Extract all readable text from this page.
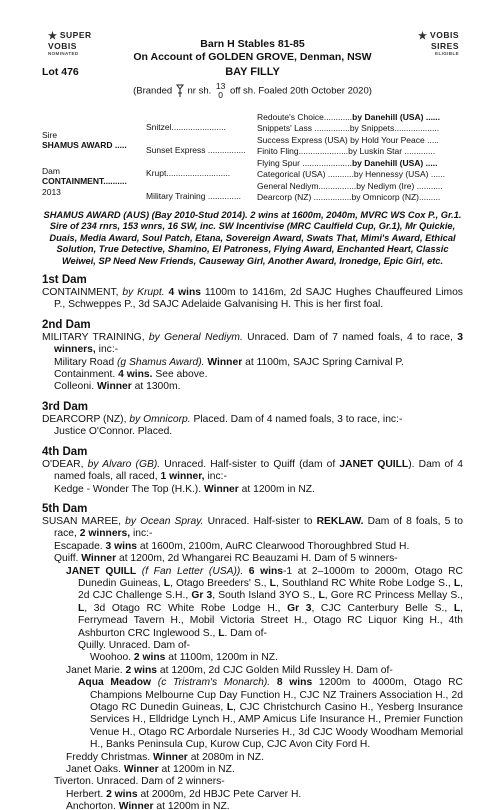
SUPER
VOBIS
NOMINATED
VOBIS
SIRES
ELIGIBLE
Barn H Stables 81-85
On Account of GOLDEN GROVE, Denman, NSW
Lot 476	BAY FILLY
(Branded nr sh. 13
0 off sh. Foaled 20th October 2020)
Sire
SHAMUS AWARD .....
Dam
CONTAINMENT..........
2013
Snitzel.......................
Sunset Express ................
Krupt...........................
Military Training ..............
Redoute's Choice............by Danehill (USA) ......
Snippets' Lass ...............by Snippets...................
Success Express (USA) by Hold Your Peace .....
Finito Fling.....................by Luskin Star .............
Flying Spur .....................by Danehill (USA) .....
Categorical (USA) ...........by Hennessy (USA) ......
General Nediym................by Nediym (Ire) ...........
Dearcorp (NZ) ................by Omnicorp (NZ).........
SHAMUS AWARD (AUS) (Bay 2010-Stud 2014). 2 wins at 1600m, 2040m, MVRC WS Cox P., Gr.1. Sire of 234 rnrs, 153 wnrs, 16 SW, inc. SW Incentivise (MRC Caulfield Cup, Gr.1), Mr Quickie, Duais, Media Award, Soul Patch, Etana, Sovereign Award, Swats That, Mimi's Award, Ethical Solution, True Detective, Shamino, El Patroness, Flying Award, Enchanted Heart, Classic Weiwei, SP Need New Friends, Causeway Girl, Another Award, Ironedge, Epic Girl, etc.
1st Dam
CONTAINMENT, by Krupt. 4 wins 1100m to 1416m, 2d SAJC Hughes Chauffeured Limos P., Schweppes P., 3d SAJC Adelaide Galvanising H. This is her first foal.
2nd Dam
MILITARY TRAINING, by General Nediym. Unraced. Dam of 7 named foals, 4 to race, 3 winners, inc:-
Military Road (g Shamus Award). Winner at 1100m, SAJC Spring Carnival P.
Containment. 4 wins. See above.
Colleoni. Winner at 1300m.
3rd Dam
DEARCORP (NZ), by Omnicorp. Placed. Dam of 4 named foals, 3 to race, inc:-
Justice O'Connor. Placed.
4th Dam
O'DEAR, by Alvaro (GB). Unraced. Half-sister to Quiff (dam of JANET QUILL). Dam of 4 named foals, all raced, 1 winner, inc:-
Kedge - Wonder The Top (H.K.). Winner at 1200m in NZ.
5th Dam
SUSAN MAREE, by Ocean Spray. Unraced. Half-sister to REKLAW. Dam of 8 foals, 5 to race, 2 winners, inc:-
Escapade. 3 wins at 1600m, 2100m, AuRC Clearwood Thoroughbred Stud H.
Quiff. Winner at 1200m, 2d Whangarei RC Beauzami H. Dam of 5 winners-
JANET QUILL (f Fan Letter (USA)). 6 wins-1 at 2–1000m to 2000m, Otago RC Dunedin Guineas, L, Otago Breeders' S., L, Southland RC White Robe Lodge S., L, 2d CJC Challenge S.H., Gr 3, South Island 3YO S., L, Gore RC Princess Mellay S., L, 3d Otago RC White Robe Lodge H., Gr 3, CJC Canterbury Belle S., L, Ferrymead Tavern H., Mobil Victoria Street H., Otago RC Liquor King H., 4th Ashburton CRC Inglewood S., L. Dam of-
Quilly. Unraced. Dam of-
Woohoo. 2 wins at 1100m, 1200m in NZ.
Janet Marie. 2 wins at 1200m, 2d CJC Golden Mild Russley H. Dam of-
Aqua Meadow (c Tristram's Monarch). 8 wins 1200m to 4000m, Otago RC Champions Melbourne Cup Day Function H., CJC NZ Trainers Association H., 2d Otago RC Dunedin Guineas, L, CJC Christchurch Casino H., Yesberg Insurance Services H., Elldridge Lynch H., AMP Amicus Life Insurance H., Premier Function Venue H., Otago RC Arbordale Nurseries H., 3d CJC Woody Woodham Memorial H., Banks Peninsula Cup, Kurow Cup, CJC Avon City Ford H.
Freddy Christmas. Winner at 2080m in NZ.
Janet Oaks. Winner at 1200m in NZ.
Tiverton. Unraced. Dam of 2 winners-
Herbert. 2 wins at 2000m, 2d HBJC Pete Carver H.
Anchorton. Winner at 1200m in NZ.
